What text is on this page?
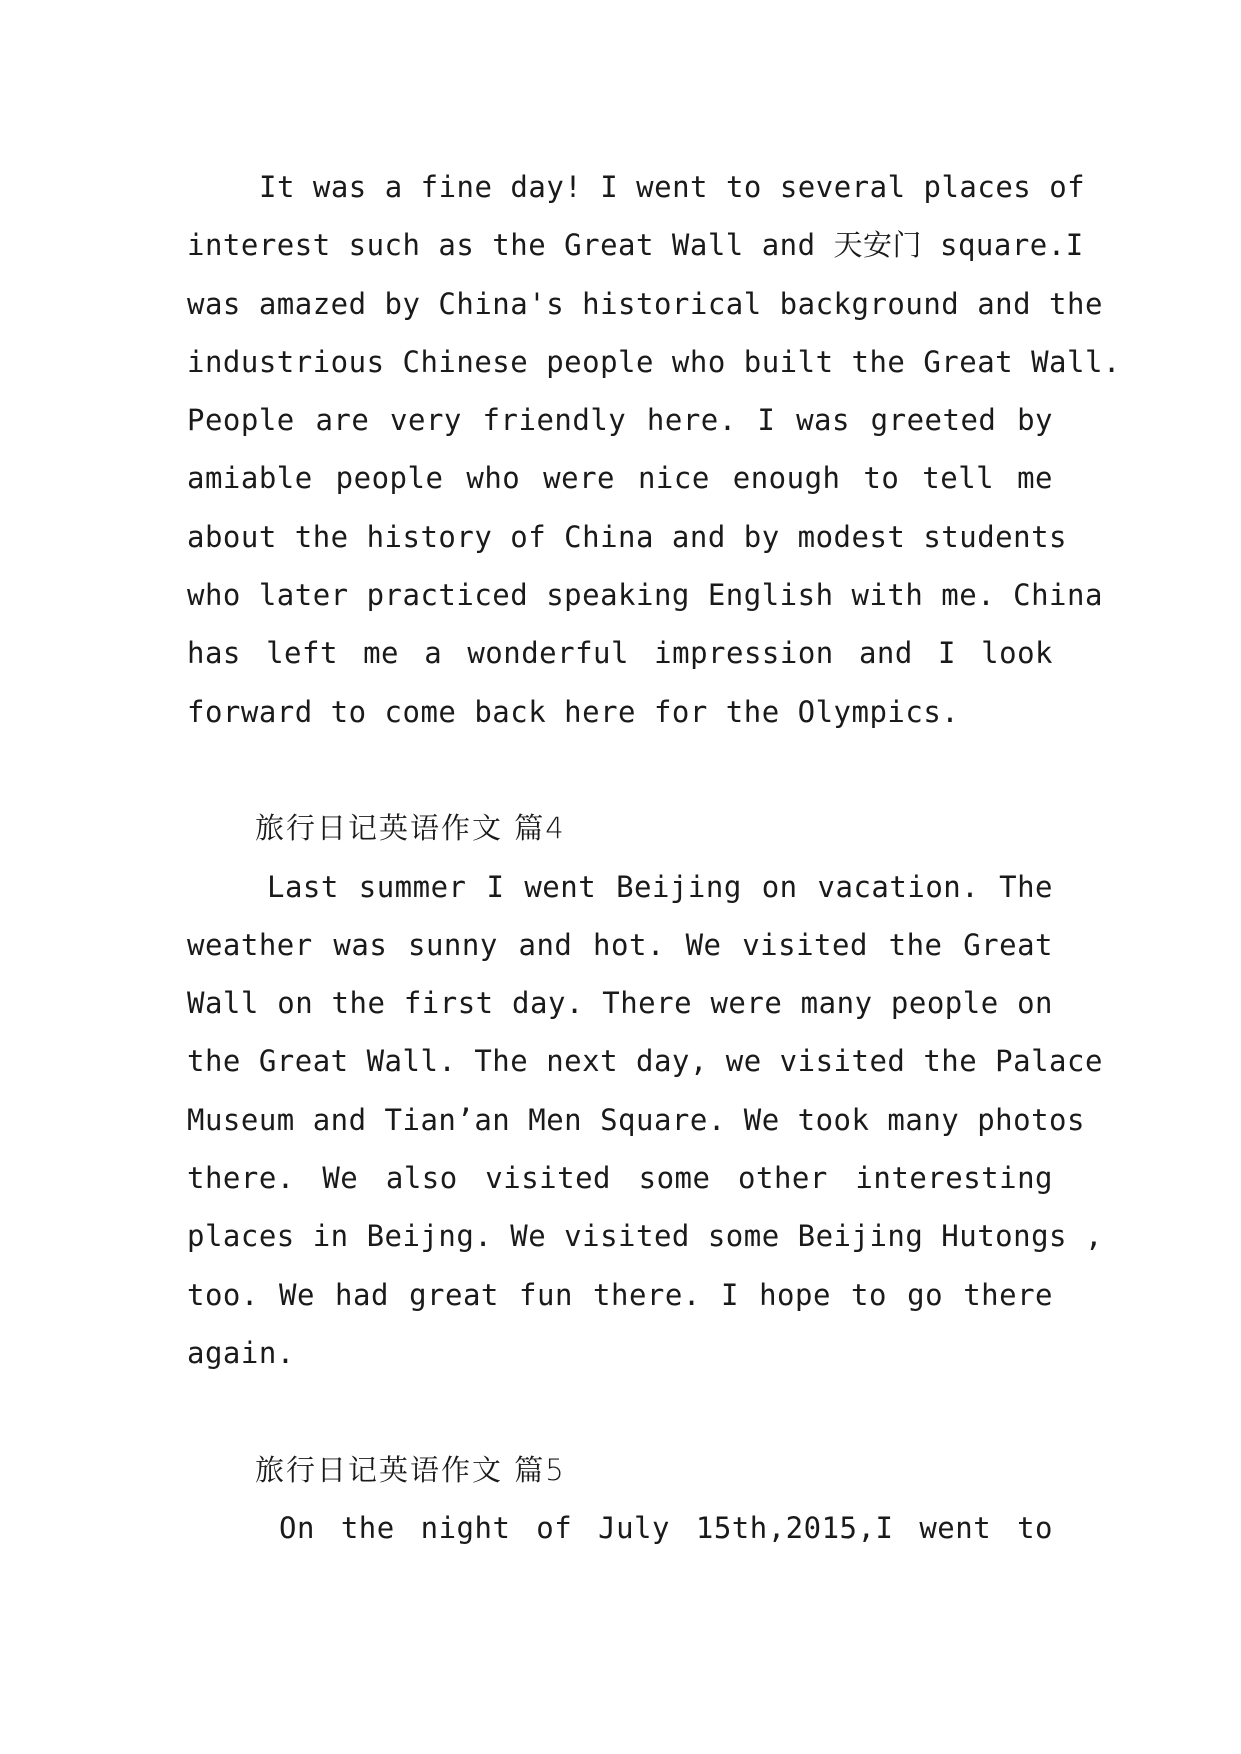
It was a fine day! I went to several places of
interest such as the Great Wall and 天安门 square.I
was amazed by China's historical background and the
industrious Chinese people who built the Great Wall.
People are very friendly here. I was greeted by
amiable people who were nice enough to tell me
about the history of China and by modest students
who later practiced speaking English with me. China
has left me a wonderful impression and I look
forward to come back here for the Olympics.
旅行日记英语作文 篇4
Last summer I went Beijing on vacation. The
weather was sunny and hot. We visited the Great
Wall on the first day. There were many people on
the Great Wall. The next day, we visited the Palace
Museum and Tian’an Men Square. We took many photos
there. We also visited some other interesting
places in Beijng. We visited some Beijing Hutongs ,
too. We had great fun there. I hope to go there
again.
旅行日记英语作文 篇5
On the night of July 15th,2015,I went to
